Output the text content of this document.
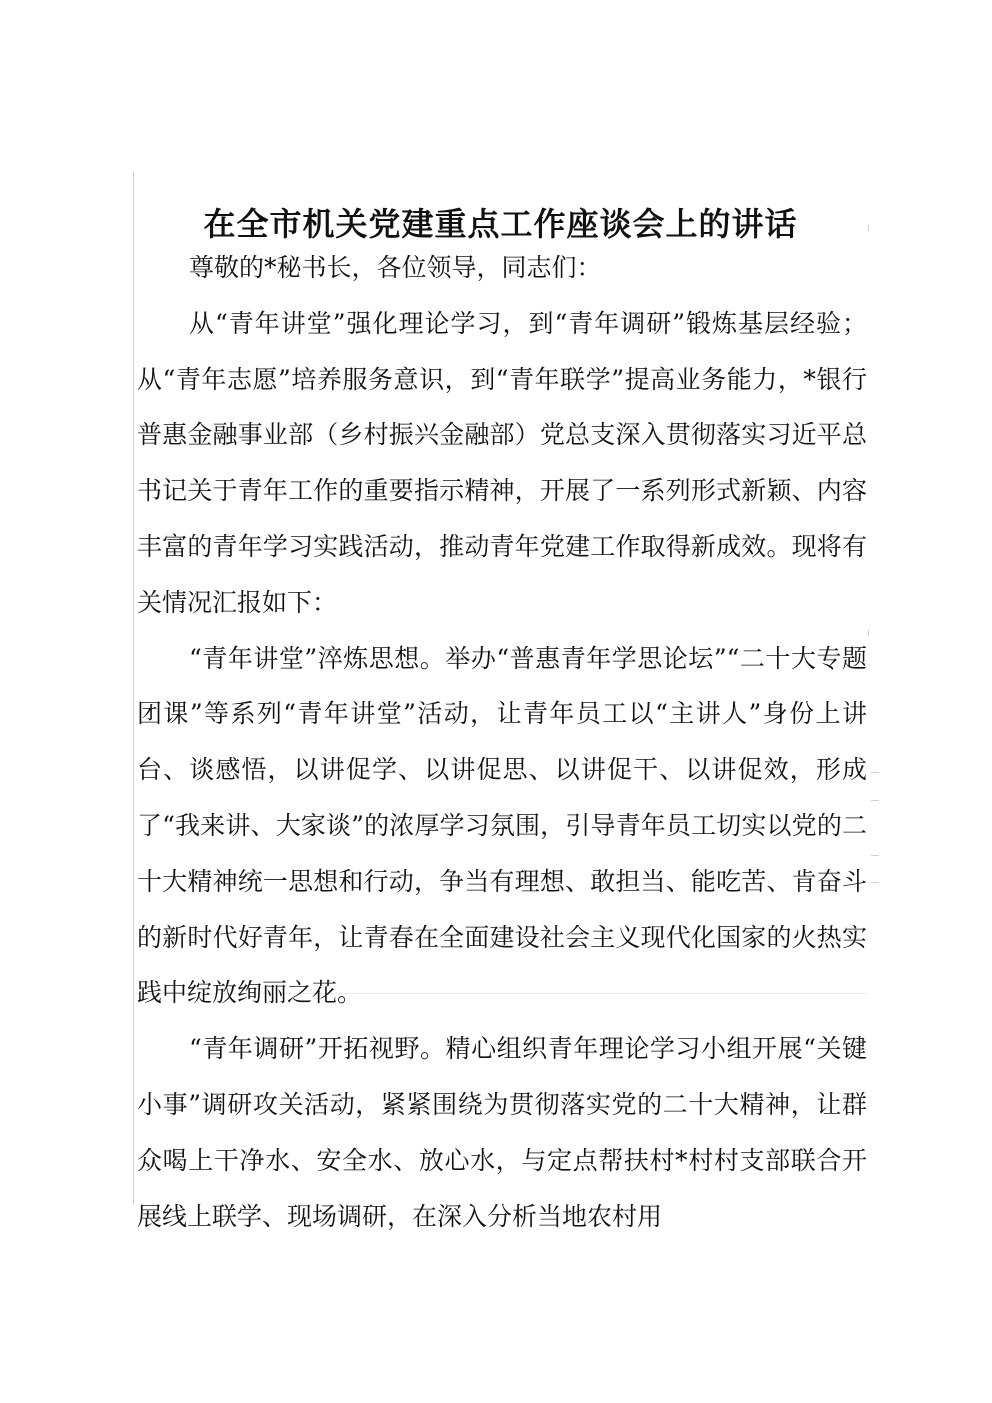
在全市机关党建重点工作座谈会上的讲话

尊敬的*秘书长，各位领导，同志们：

从“青年讲堂”强化理论学习，到“青年调研”锻炼基层经验；从“青年志愿”培养服务意识，到“青年联学”提高业务能力，*银行普惠金融事业部（乡村振兴金融部）党总支深入贯彻落实习近平总书记关于青年工作的重要指示精神，开展了一系列形式新颖、内容丰富的青年学习实践活动，推动青年党建工作取得新成效。现将有关情况汇报如下：

“青年讲堂”淬炼思想。举办“普惠青年学思论坛”“二十大专题团课”等系列“青年讲堂”活动，让青年员工以“主讲人”身份上讲台、谈感悟，以讲促学、以讲促思、以讲促干、以讲促效，形成了“我来讲、大家谈”的浓厚学习氛围，引导青年员工切实以党的二十大精神统一思想和行动，争当有理想、敢担当、能吃苦、肯奋斗的新时代好青年，让青春在全面建设社会主义现代化国家的火热实践中绽放绚丽之花。

“青年调研”开拓视野。精心组织青年理论学习小组开展“关键小事”调研攻关活动，紧紧围绕为贯彻落实党的二十大精神，让群众喝上干净水、安全水、放心水，与定点帮扶村*村村支部联合开展线上联学、现场调研，在深入分析当地农村用
